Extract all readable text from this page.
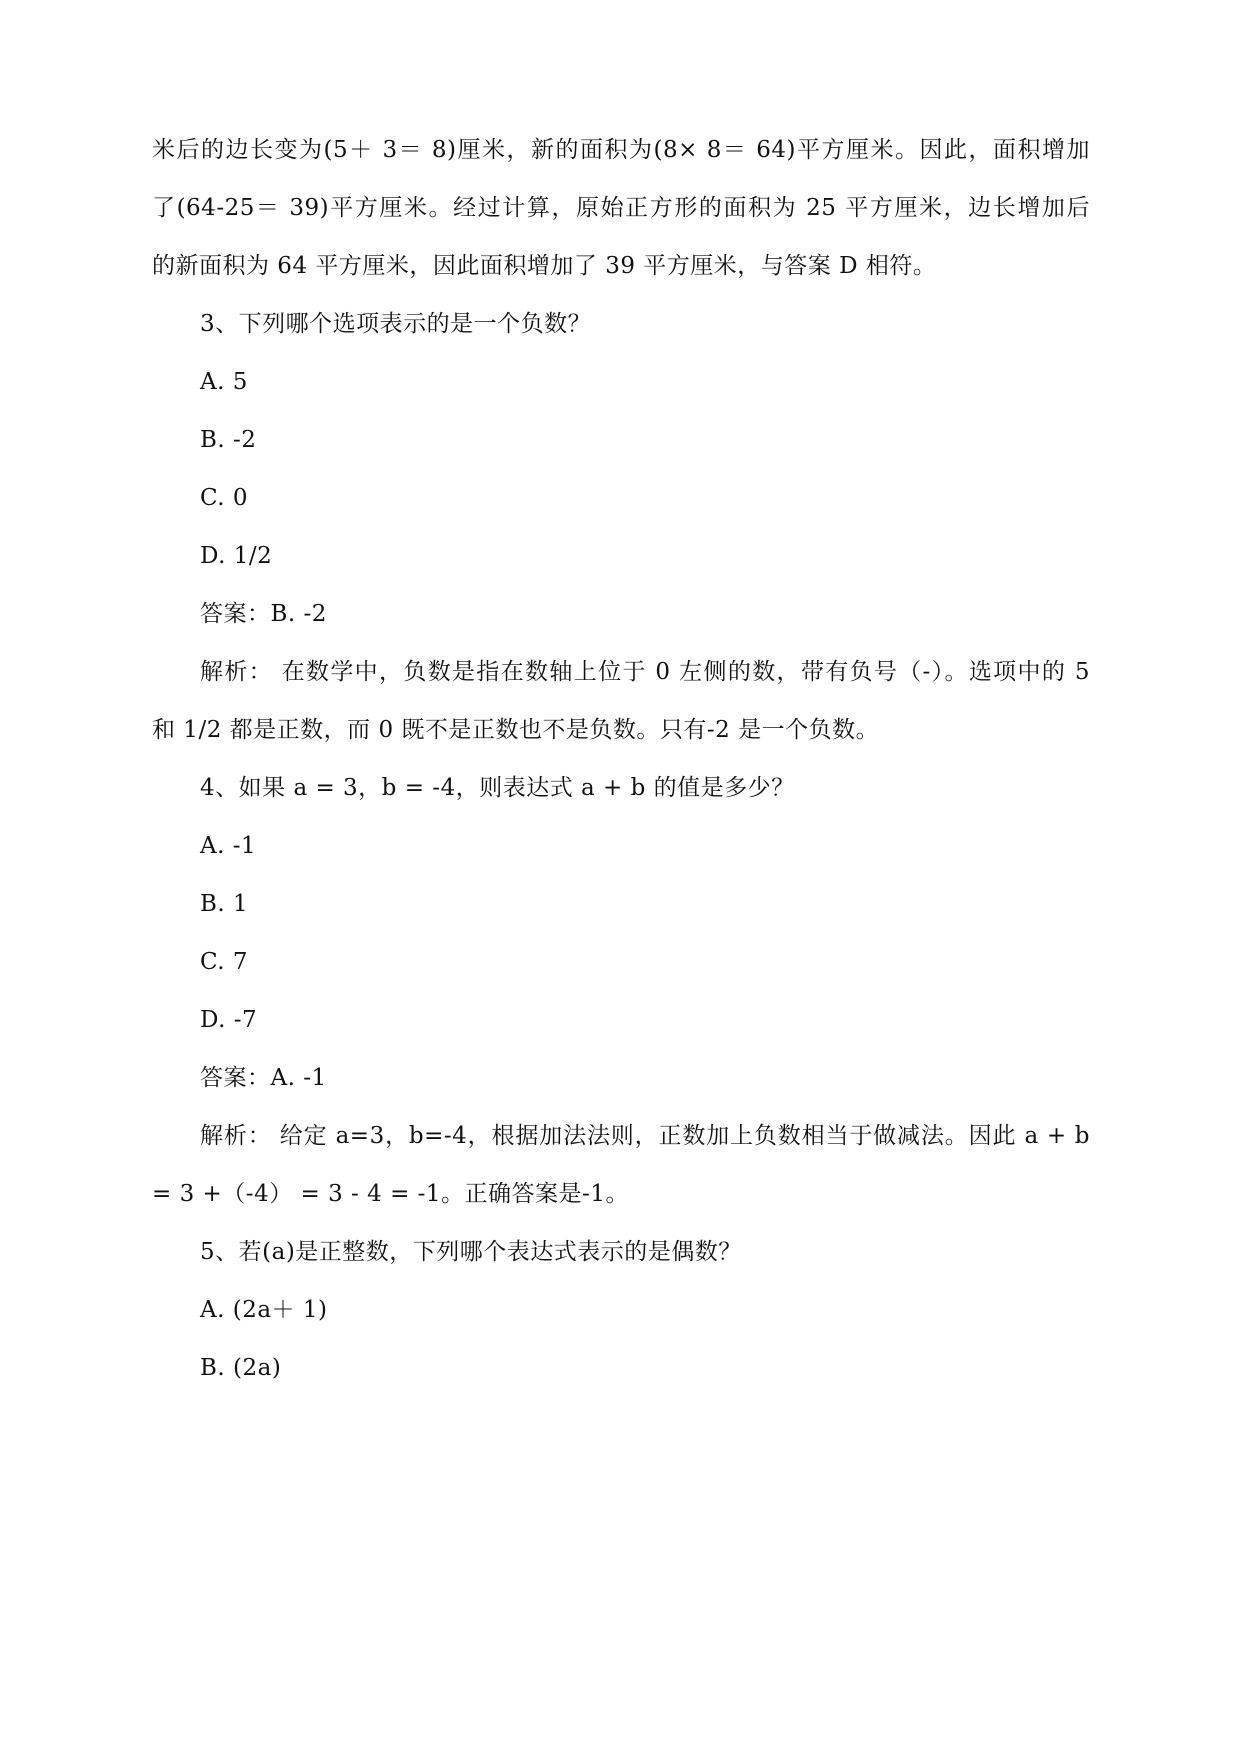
米后的边长变为(5＋ 3＝ 8)厘米，新的面积为(8× 8＝ 64)平方厘米。因此，面积增加
了(64-25＝ 39)平方厘米。经过计算，原始正方形的面积为 25 平方厘米，边长增加后
的新面积为 64 平方厘米，因此面积增加了 39 平方厘米，与答案 D 相符。
3、下列哪个选项表示的是一个负数？
A. 5
B. -2
C. 0
D. 1/2
答案：B. -2
解析： 在数学中，负数是指在数轴上位于 0 左侧的数，带有负号（-）。选项中的 5
和 1/2 都是正数，而 0 既不是正数也不是负数。只有-2 是一个负数。
4、如果 a = 3，b = -4，则表达式 a + b 的值是多少？
A. -1
B. 1
C. 7
D. -7
答案：A. -1
解析： 给定 a=3，b=-4，根据加法法则，正数加上负数相当于做减法。因此 a + b
= 3 +（-4） = 3 - 4 = -1。正确答案是-1。
5、若(a)是正整数，下列哪个表达式表示的是偶数？
A. (2a＋ 1)
B. (2a)
